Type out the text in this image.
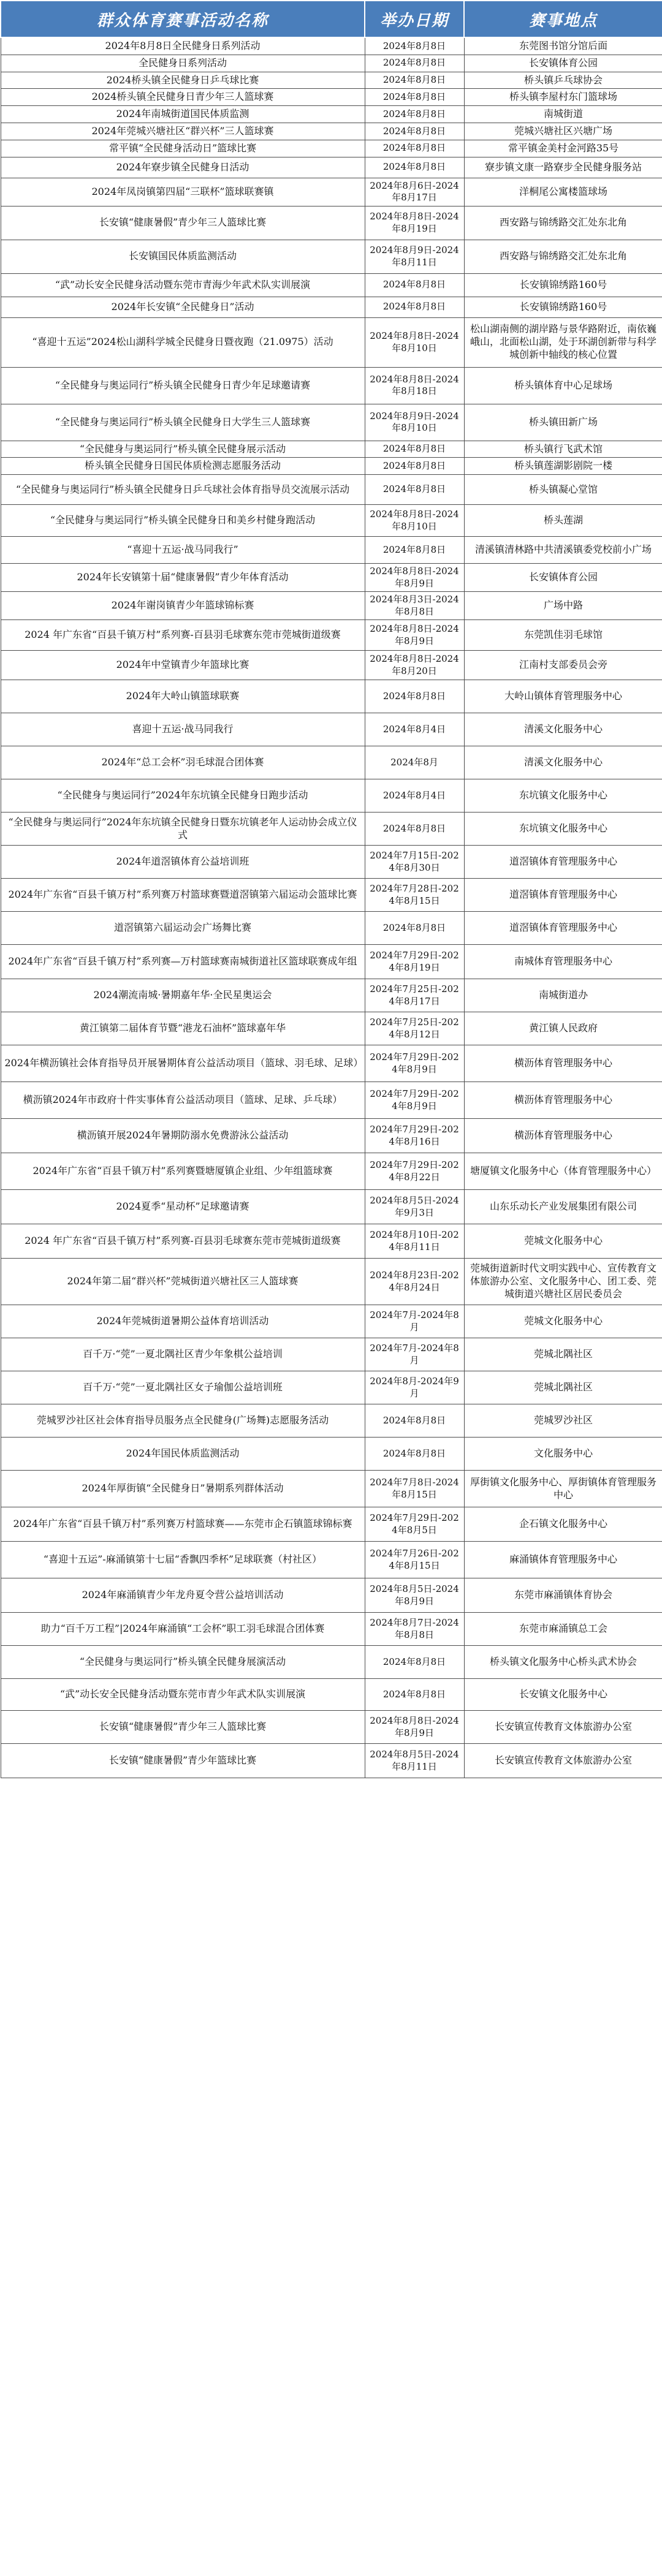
群众体育赛事活动名称	举办日期	赛事地点
2024年8月8日全民健身日系列活动	2024年8月8日	东莞图书馆分馆后面
全民健身日系列活动	2024年8月8日	长安镇体育公园
2024桥头镇全民健身日乒乓球比赛	2024年8月8日	桥头镇乒乓球协会
2024桥头镇全民健身日青少年三人篮球赛	2024年8月8日	桥头镇李屋村东门篮球场
2024年南城街道国民体质监测	2024年8月8日	南城街道
2024年莞城兴塘社区“群兴杯”三人篮球赛	2024年8月8日	莞城兴塘社区兴塘广场
常平镇“全民健身活动日”篮球比赛	2024年8月8日	常平镇金美村金河路35号
2024年寮步镇全民健身日活动	2024年8月8日	寮步镇文康一路寮步全民健身服务站
2024年凤岗镇第四届“三联杯”篮球联赛镇	2024年8月6日-2024年8月17日	洋桐尾公寓楼篮球场
长安镇“健康暑假”青少年三人篮球比赛	2024年8月8日-2024年8月19日	西安路与锦绣路交汇处东北角
长安镇国民体质监测活动	2024年8月9日-2024年8月11日	西安路与锦绣路交汇处东北角
“武”动长安全民健身活动暨东莞市青海少年武术队实训展演	2024年8月8日	长安镇锦绣路160号
2024年长安镇“全民健身日”活动	2024年8月8日	长安镇锦绣路160号
“喜迎十五运”2024松山湖科学城全民健身日暨夜跑（21.0975）活动	2024年8月8日-2024年8月10日	松山湖南侧的湖岸路与景华路附近，南依巍峨山，北面松山湖，处于环湖创新带与科学城创新中轴线的核心位置
“全民健身与奥运同行”桥头镇全民健身日青少年足球邀请赛	2024年8月8日-2024年8月18日	桥头镇体育中心足球场
“全民健身与奥运同行”桥头镇全民健身日大学生三人篮球赛	2024年8月9日-2024年8月10日	桥头镇田新广场
“全民健身与奥运同行”桥头镇全民健身展示活动	2024年8月8日	桥头镇行飞武术馆
桥头镇全民健身日国民体质检测志愿服务活动	2024年8月8日	桥头镇莲湖影剧院一楼
“全民健身与奥运同行”桥头镇全民健身日乒乓球社会体育指导员交流展示活动	2024年8月8日	桥头镇凝心堂馆
“全民健身与奥运同行”桥头镇全民健身日和美乡村健身跑活动	2024年8月8日-2024年8月10日	桥头莲湖
“喜迎十五运·战马同我行”	2024年8月8日	清溪镇清林路中共清溪镇委党校前小广场
2024年长安镇第十届“健康暑假”青少年体育活动	2024年8月8日-2024年8月9日	长安镇体育公园
2024年谢岗镇青少年篮球锦标赛	2024年8月3日-2024年8月8日	广场中路
2024 年广东省“百县千镇万村”系列赛-百县羽毛球赛东莞市莞城街道级赛	2024年8月8日-2024年8月9日	东莞凯佳羽毛球馆
2024年中堂镇青少年篮球比赛	2024年8月8日-2024年8月20日	江南村支部委员会旁
2024年大岭山镇篮球联赛	2024年8月8日	大岭山镇体育管理服务中心
喜迎十五运·战马同我行	2024年8月4日	清溪文化服务中心
2024年“总工会杯”羽毛球混合团体赛	2024年8月	清溪文化服务中心
“全民健身与奥运同行”2024年东坑镇全民健身日跑步活动	2024年8月4日	东坑镇文化服务中心
“全民健身与奥运同行”2024年东坑镇全民健身日暨东坑镇老年人运动协会成立仪式	2024年8月8日	东坑镇文化服务中心
2024年道滘镇体育公益培训班	2024年7月15日-2024年8月30日	道滘镇体育管理服务中心
2024年广东省“百县千镇万村”系列赛万村篮球赛暨道滘镇第六届运动会篮球比赛	2024年7月28日-2024年8月15日	道滘镇体育管理服务中心
道滘镇第六届运动会广场舞比赛	2024年8月8日	道滘镇体育管理服务中心
2024年广东省“百县千镇万村”系列赛—万村篮球赛南城街道社区篮球联赛成年组	2024年7月29日-2024年8月19日	南城体育管理服务中心
2024潮流南城·暑期嘉年华·全民星奥运会	2024年7月25日-2024年8月17日	南城街道办
黄江镇第二届体育节暨“港龙石油杯”篮球嘉年华	2024年7月25日-2024年8月12日	黄江镇人民政府
2024年横沥镇社会体育指导员开展暑期体育公益活动项目（篮球、羽毛球、足球）	2024年7月29日-2024年8月9日	横沥体育管理服务中心
横沥镇2024年市政府十件实事体育公益活动项目（篮球、足球、乒乓球）	2024年7月29日-2024年8月9日	横沥体育管理服务中心
横沥镇开展2024年暑期防溺水免费游泳公益活动	2024年7月29日-2024年8月16日	横沥体育管理服务中心
2024年广东省“百县千镇万村”系列赛暨塘厦镇企业组、少年组篮球赛	2024年7月29日-2024年8月22日	塘厦镇文化服务中心（体育管理服务中心）
2024夏季“星动杯”足球邀请赛	2024年8月5日-2024年9月3日	山东乐动长产业发展集团有限公司
2024 年广东省“百县千镇万村”系列赛-百县羽毛球赛东莞市莞城街道级赛	2024年8月10日-2024年8月11日	莞城文化服务中心
2024年第二届“群兴杯”莞城街道兴塘社区三人篮球赛	2024年8月23日-2024年8月24日	莞城街道新时代文明实践中心、宣传教育文体旅游办公室、文化服务中心、团工委、莞城街道兴塘社区居民委员会
2024年莞城街道暑期公益体育培训活动	2024年7月-2024年8月	莞城文化服务中心
百千万·“莞”一夏北隅社区青少年象棋公益培训	2024年7月-2024年8月	莞城北隅社区
百千万·“莞”一夏北隅社区女子瑜伽公益培训班	2024年8月-2024年9月	莞城北隅社区
莞城罗沙社区社会体育指导员服务点全民健身(广场舞)志愿服务活动	2024年8月8日	莞城罗沙社区
2024年国民体质监测活动	2024年8月8日	文化服务中心
2024年厚街镇“全民健身日”暑期系列群体活动	2024年7月8日-2024年8月15日	厚街镇文化服务中心、厚街镇体育管理服务中心
2024年广东省“百县千镇万村”系列赛万村篮球赛——东莞市企石镇篮球锦标赛	2024年7月29日-2024年8月5日	企石镇文化服务中心
“喜迎十五运”-麻涌镇第十七届“香飘四季杯”足球联赛（村社区）	2024年7月26日-2024年8月15日	麻涌镇体育管理服务中心
2024年麻涌镇青少年龙舟夏令营公益培训活动	2024年8月5日-2024年8月9日	东莞市麻涌镇体育协会
助力“百千万工程”|2024年麻涌镇“工会杯”职工羽毛球混合团体赛	2024年8月7日-2024年8月8日	东莞市麻涌镇总工会
“全民健身与奥运同行”桥头镇全民健身展演活动	2024年8月8日	桥头镇文化服务中心桥头武术协会
“武”动长安全民健身活动暨东莞市青少年武术队实训展演	2024年8月8日	长安镇文化服务中心
长安镇“健康暑假”青少年三人篮球比赛	2024年8月8日-2024年8月9日	长安镇宣传教育文体旅游办公室
长安镇“健康暑假”青少年篮球比赛	2024年8月5日-2024年8月11日	长安镇宣传教育文体旅游办公室
